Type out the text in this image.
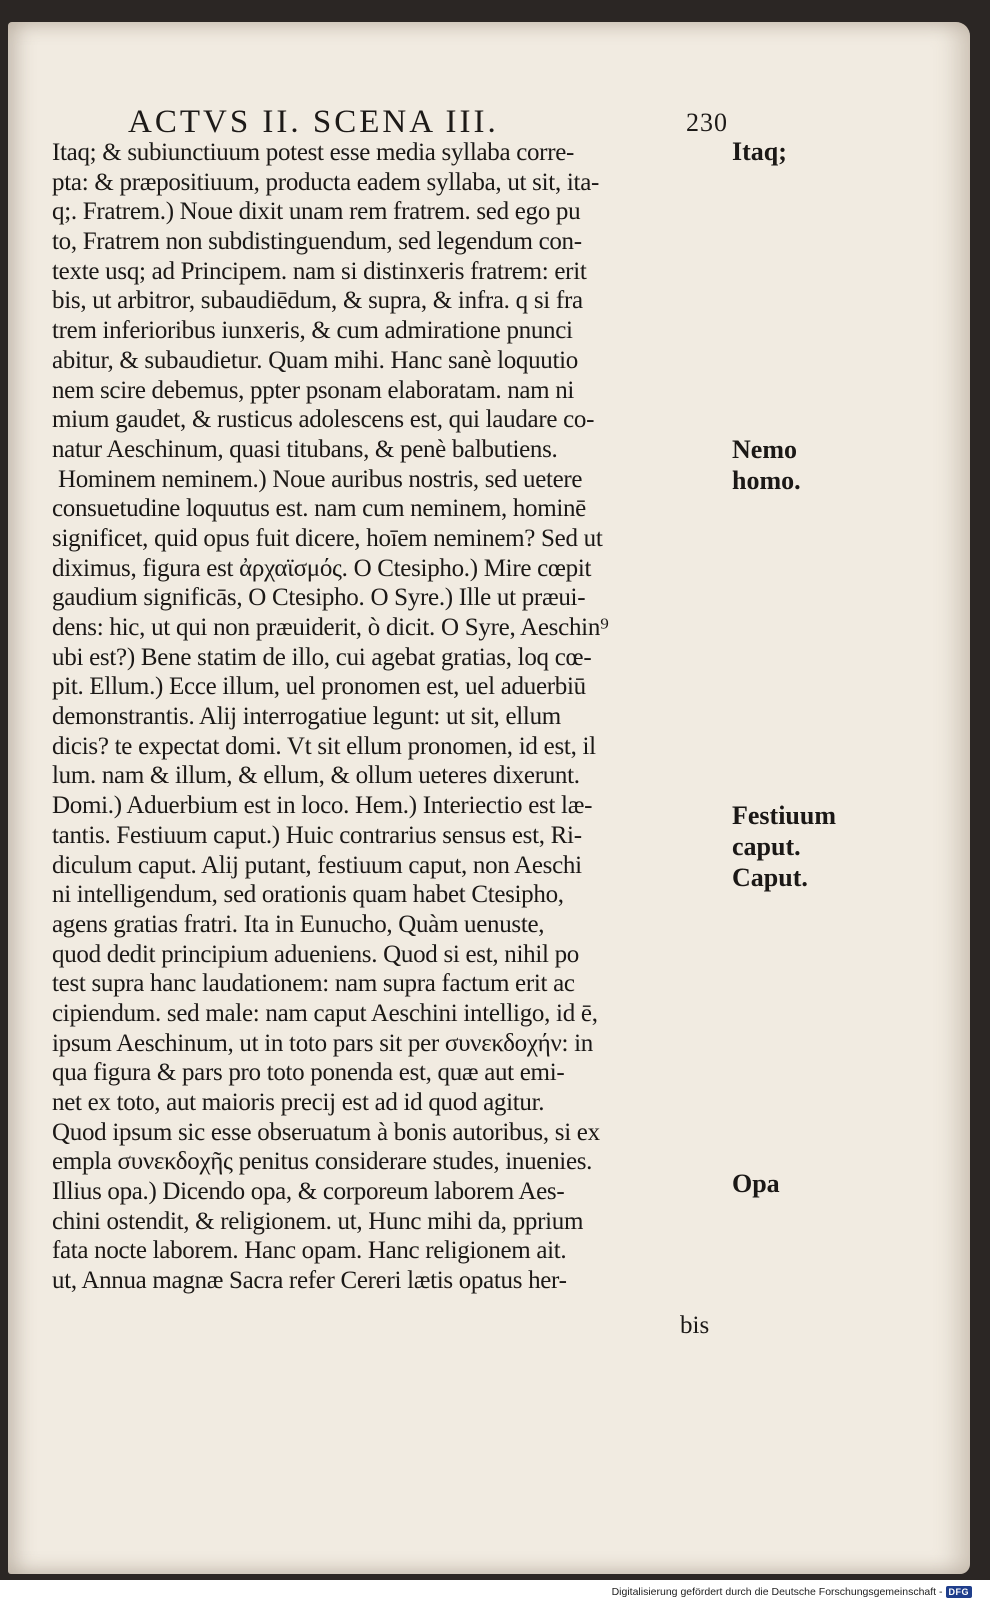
ACTVS II. SCENA III.	230
Itaq; & subiunctiuum potest esse media syllaba corre-
pta: & præpositiuum, producta eadem syllaba, ut sit, ita-
q;. Fratrem.) Noue dixit unam rem fratrem. sed ego pu
to, Fratrem non subdistinguendum, sed legendum con-
texte usq; ad Principem. nam si distinxeris fratrem: erit
bis, ut arbitror, subaudiēdum, & supra, & infra. q si fra
trem inferioribus iunxeris, & cum admiratione pnunci
abitur, & subaudietur. Quam mihi. Hanc sanè loquutio
nem scire debemus, ppter psonam elaboratam. nam ni
mium gaudet, & rusticus adolescens est, qui laudare co-
natur Aeschinum, quasi titubans, & penè balbutiens.
Hominem neminem.) Noue auribus nostris, sed uetere
consuetudine loquutus est. nam cum neminem, hominē
significet, quid opus fuit dicere, hoīem neminem? Sed ut
diximus, figura est ἀρχαϊσμός. O Ctesipho.) Mire cœpit
gaudium significās, O Ctesipho. O Syre.) Ille ut præui-
dens: hic, ut qui non præuiderit, ò dicit. O Syre, Aeschin⁹
ubi est?) Bene statim de illo, cui agebat gratias, loq cœ-
pit. Ellum.) Ecce illum, uel pronomen est, uel aduerbiū
demonstrantis. Alij interrogatiue legunt: ut sit, ellum
dicis? te expectat domi. Vt sit ellum pronomen, id est, il
lum. nam & illum, & ellum, & ollum ueteres dixerunt.
Domi.) Aduerbium est in loco. Hem.) Interiectio est læ-
tantis. Festiuum caput.) Huic contrarius sensus est, Ri-
diculum caput. Alij putant, festiuum caput, non Aeschi
ni intelligendum, sed orationis quam habet Ctesipho,
agens gratias fratri. Ita in Eunucho, Quàm uenuste,
quod dedit principium adueniens. Quod si est, nihil po
test supra hanc laudationem: nam supra factum erit ac
cipiendum. sed male: nam caput Aeschini intelligo, id ē,
ipsum Aeschinum, ut in toto pars sit per συνεκδοχήν: in
qua figura & pars pro toto ponenda est, quæ aut emi-
net ex toto, aut maioris precij est ad id quod agitur.
Quod ipsum sic esse obseruatum à bonis autoribus, si ex
empla συνεκδοχῆς penitus considerare studes, inuenies.
Illius opa.) Dicendo opa, & corporeum laborem Aes-
chini ostendit, & religionem. ut, Hunc mihi da, pprium
fata nocte laborem. Hanc opam. Hanc religionem ait.
ut, Annua magnæ Sacra refer Cereri lætis opatus her-
bis
Itaq;
Nemo homo.
Festiuum caput. Caput.
Opa
Digitalisierung gefördert durch die Deutsche Forschungsgemeinschaft - DFG
